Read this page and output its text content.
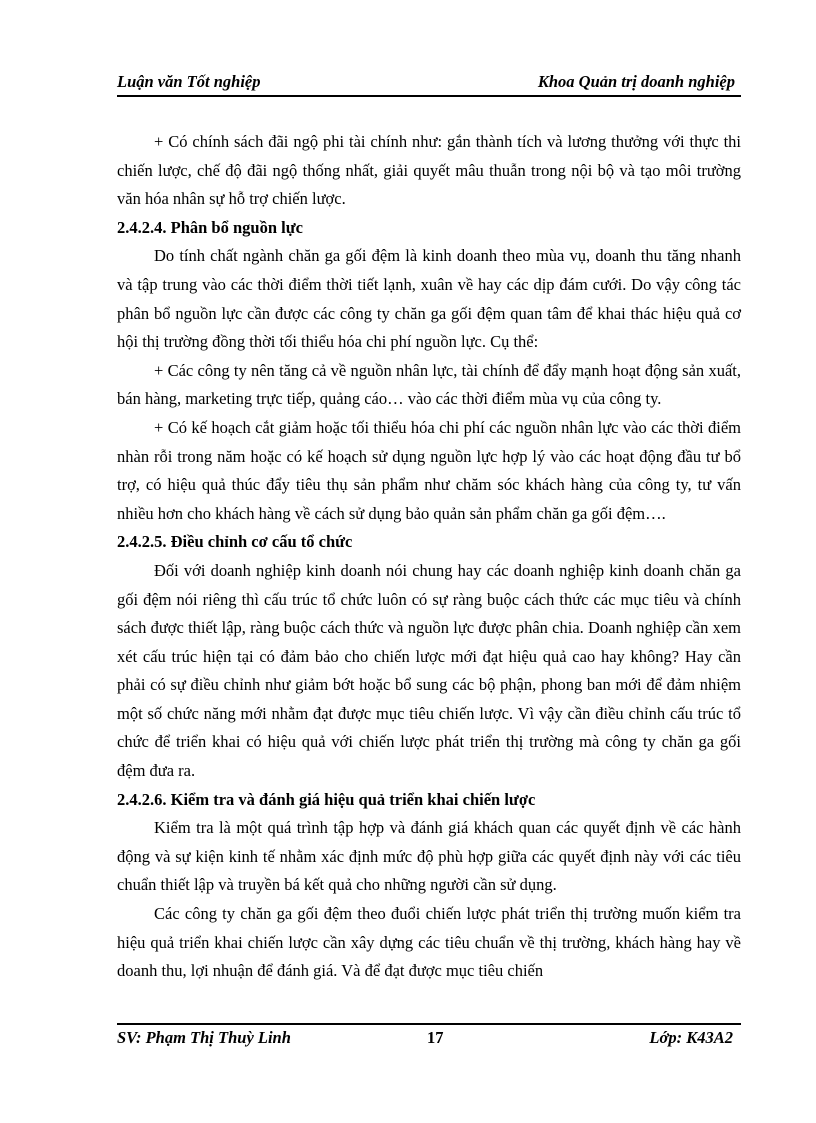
Luận văn Tốt nghiệp	Khoa Quản trị doanh nghiệp

+ Có chính sách đãi ngộ phi tài chính như: gắn thành tích và lương thưởng với thực thi chiến lược, chế độ đãi ngộ thống nhất, giải quyết mâu thuẫn trong nội bộ và tạo môi trường văn hóa nhân sự hỗ trợ chiến lược.

2.4.2.4. Phân bổ nguồn lực

Do tính chất ngành chăn ga gối đệm là kinh doanh theo mùa vụ, doanh thu tăng nhanh và tập trung vào các thời điểm thời tiết lạnh, xuân về hay các dịp đám cưới. Do vậy công tác phân bổ nguồn lực cần được các công ty chăn ga gối đệm quan tâm để khai thác hiệu quả cơ hội thị trường đồng thời tối thiểu hóa chi phí nguồn lực. Cụ thể:

+ Các công ty nên tăng cả về nguồn nhân lực, tài chính để đẩy mạnh hoạt động sản xuất, bán hàng, marketing trực tiếp, quảng cáo… vào các thời điểm mùa vụ của công ty.

+ Có kế hoạch cắt giảm hoặc tối thiểu hóa chi phí các nguồn nhân lực vào các thời điểm nhàn rỗi trong năm hoặc có kế hoạch sử dụng nguồn lực hợp lý vào các hoạt động đầu tư bổ trợ, có hiệu quả thúc đẩy tiêu thụ sản phẩm như chăm sóc khách hàng của công ty, tư vấn nhiều hơn cho khách hàng về cách sử dụng bảo quản sản phẩm chăn ga gối đệm….

2.4.2.5. Điều chỉnh cơ cấu tổ chức

Đối với doanh nghiệp kinh doanh nói chung hay các doanh nghiệp kinh doanh chăn ga gối đệm nói riêng thì cấu trúc tổ chức luôn có sự ràng buộc cách thức các mục tiêu và chính sách được thiết lập, ràng buộc cách thức và nguồn lực được phân chia. Doanh nghiệp cần xem xét cấu trúc hiện tại có đảm bảo cho chiến lược mới đạt hiệu quả cao hay không? Hay cần phải có sự điều chỉnh như giảm bớt hoặc bổ sung các bộ phận, phong ban mới để đảm nhiệm một số chức năng mới nhằm đạt được mục tiêu chiến lược. Vì vậy cần điều chỉnh cấu trúc tổ chức để triển khai có hiệu quả với chiến lược phát triển thị trường mà công ty chăn ga gối đệm đưa ra.

2.4.2.6. Kiểm tra và đánh giá hiệu quả triển khai chiến lược

Kiểm tra là một quá trình tập hợp và đánh giá khách quan các quyết định về các hành động và sự kiện kinh tế nhằm xác định mức độ phù hợp giữa các quyết định này với các tiêu chuẩn thiết lập và truyền bá kết quả cho những người cần sử dụng.

Các công ty chăn ga gối đệm theo đuổi chiến lược phát triển thị trường muốn kiểm tra hiệu quả triển khai chiến lược cần xây dựng các tiêu chuẩn về thị trường, khách hàng hay về doanh thu, lợi nhuận để đánh giá. Và để đạt được mục tiêu chiến

SV: Phạm Thị Thuỳ Linh	17	Lớp: K43A2
